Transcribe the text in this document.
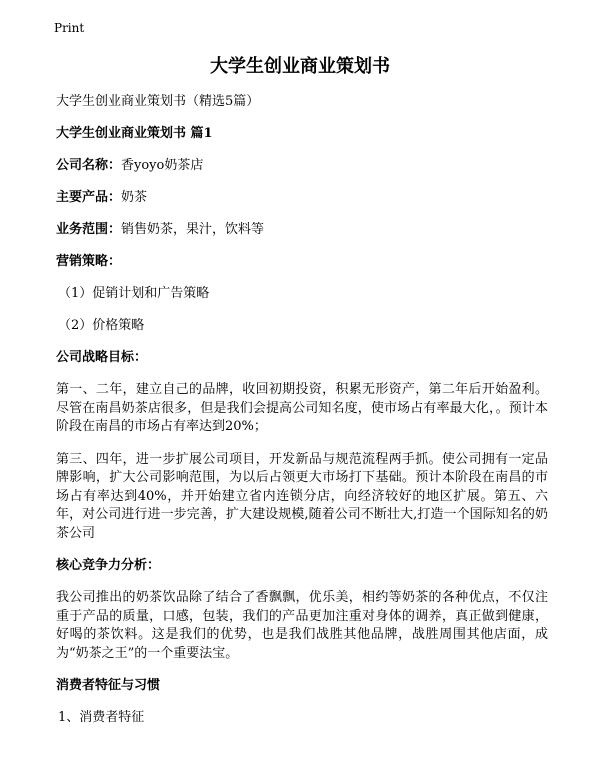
Print
大学生创业商业策划书

大学生创业商业策划书（精选5篇）

大学生创业商业策划书 篇1

公司名称：香yoyo奶茶店

主要产品：奶茶

业务范围：销售奶茶，果汁，饮料等

营销策略：

（1）促销计划和广告策略

（2）价格策略

公司战略目标：

第一、二年，建立自己的品牌，收回初期投资，积累无形资产，第二年后开始盈利。尽管在南昌奶茶店很多，但是我们会提高公司知名度，使市场占有率最大化，。预计本阶段在南昌的市场占有率达到20%；

第三、四年，进一步扩展公司项目，开发新品与规范流程两手抓。使公司拥有一定品牌影响，扩大公司影响范围，为以后占领更大市场打下基础。预计本阶段在南昌的市场占有率达到40%，并开始建立省内连锁分店，向经济较好的地区扩展。第五、六年，对公司进行进一步完善，扩大建设规模,随着公司不断壮大,打造一个国际知名的奶茶公司

核心竞争力分析：

我公司推出的奶茶饮品除了结合了香飘飘，优乐美，相约等奶茶的各种优点，不仅注重于产品的质量，口感，包装，我们的产品更加注重对身体的调养，真正做到健康，好喝的茶饮料。这是我们的优势，也是我们战胜其他品牌，战胜周围其他店面，成为“奶茶之王”的一个重要法宝。

消费者特征与习惯

1、消费者特征
